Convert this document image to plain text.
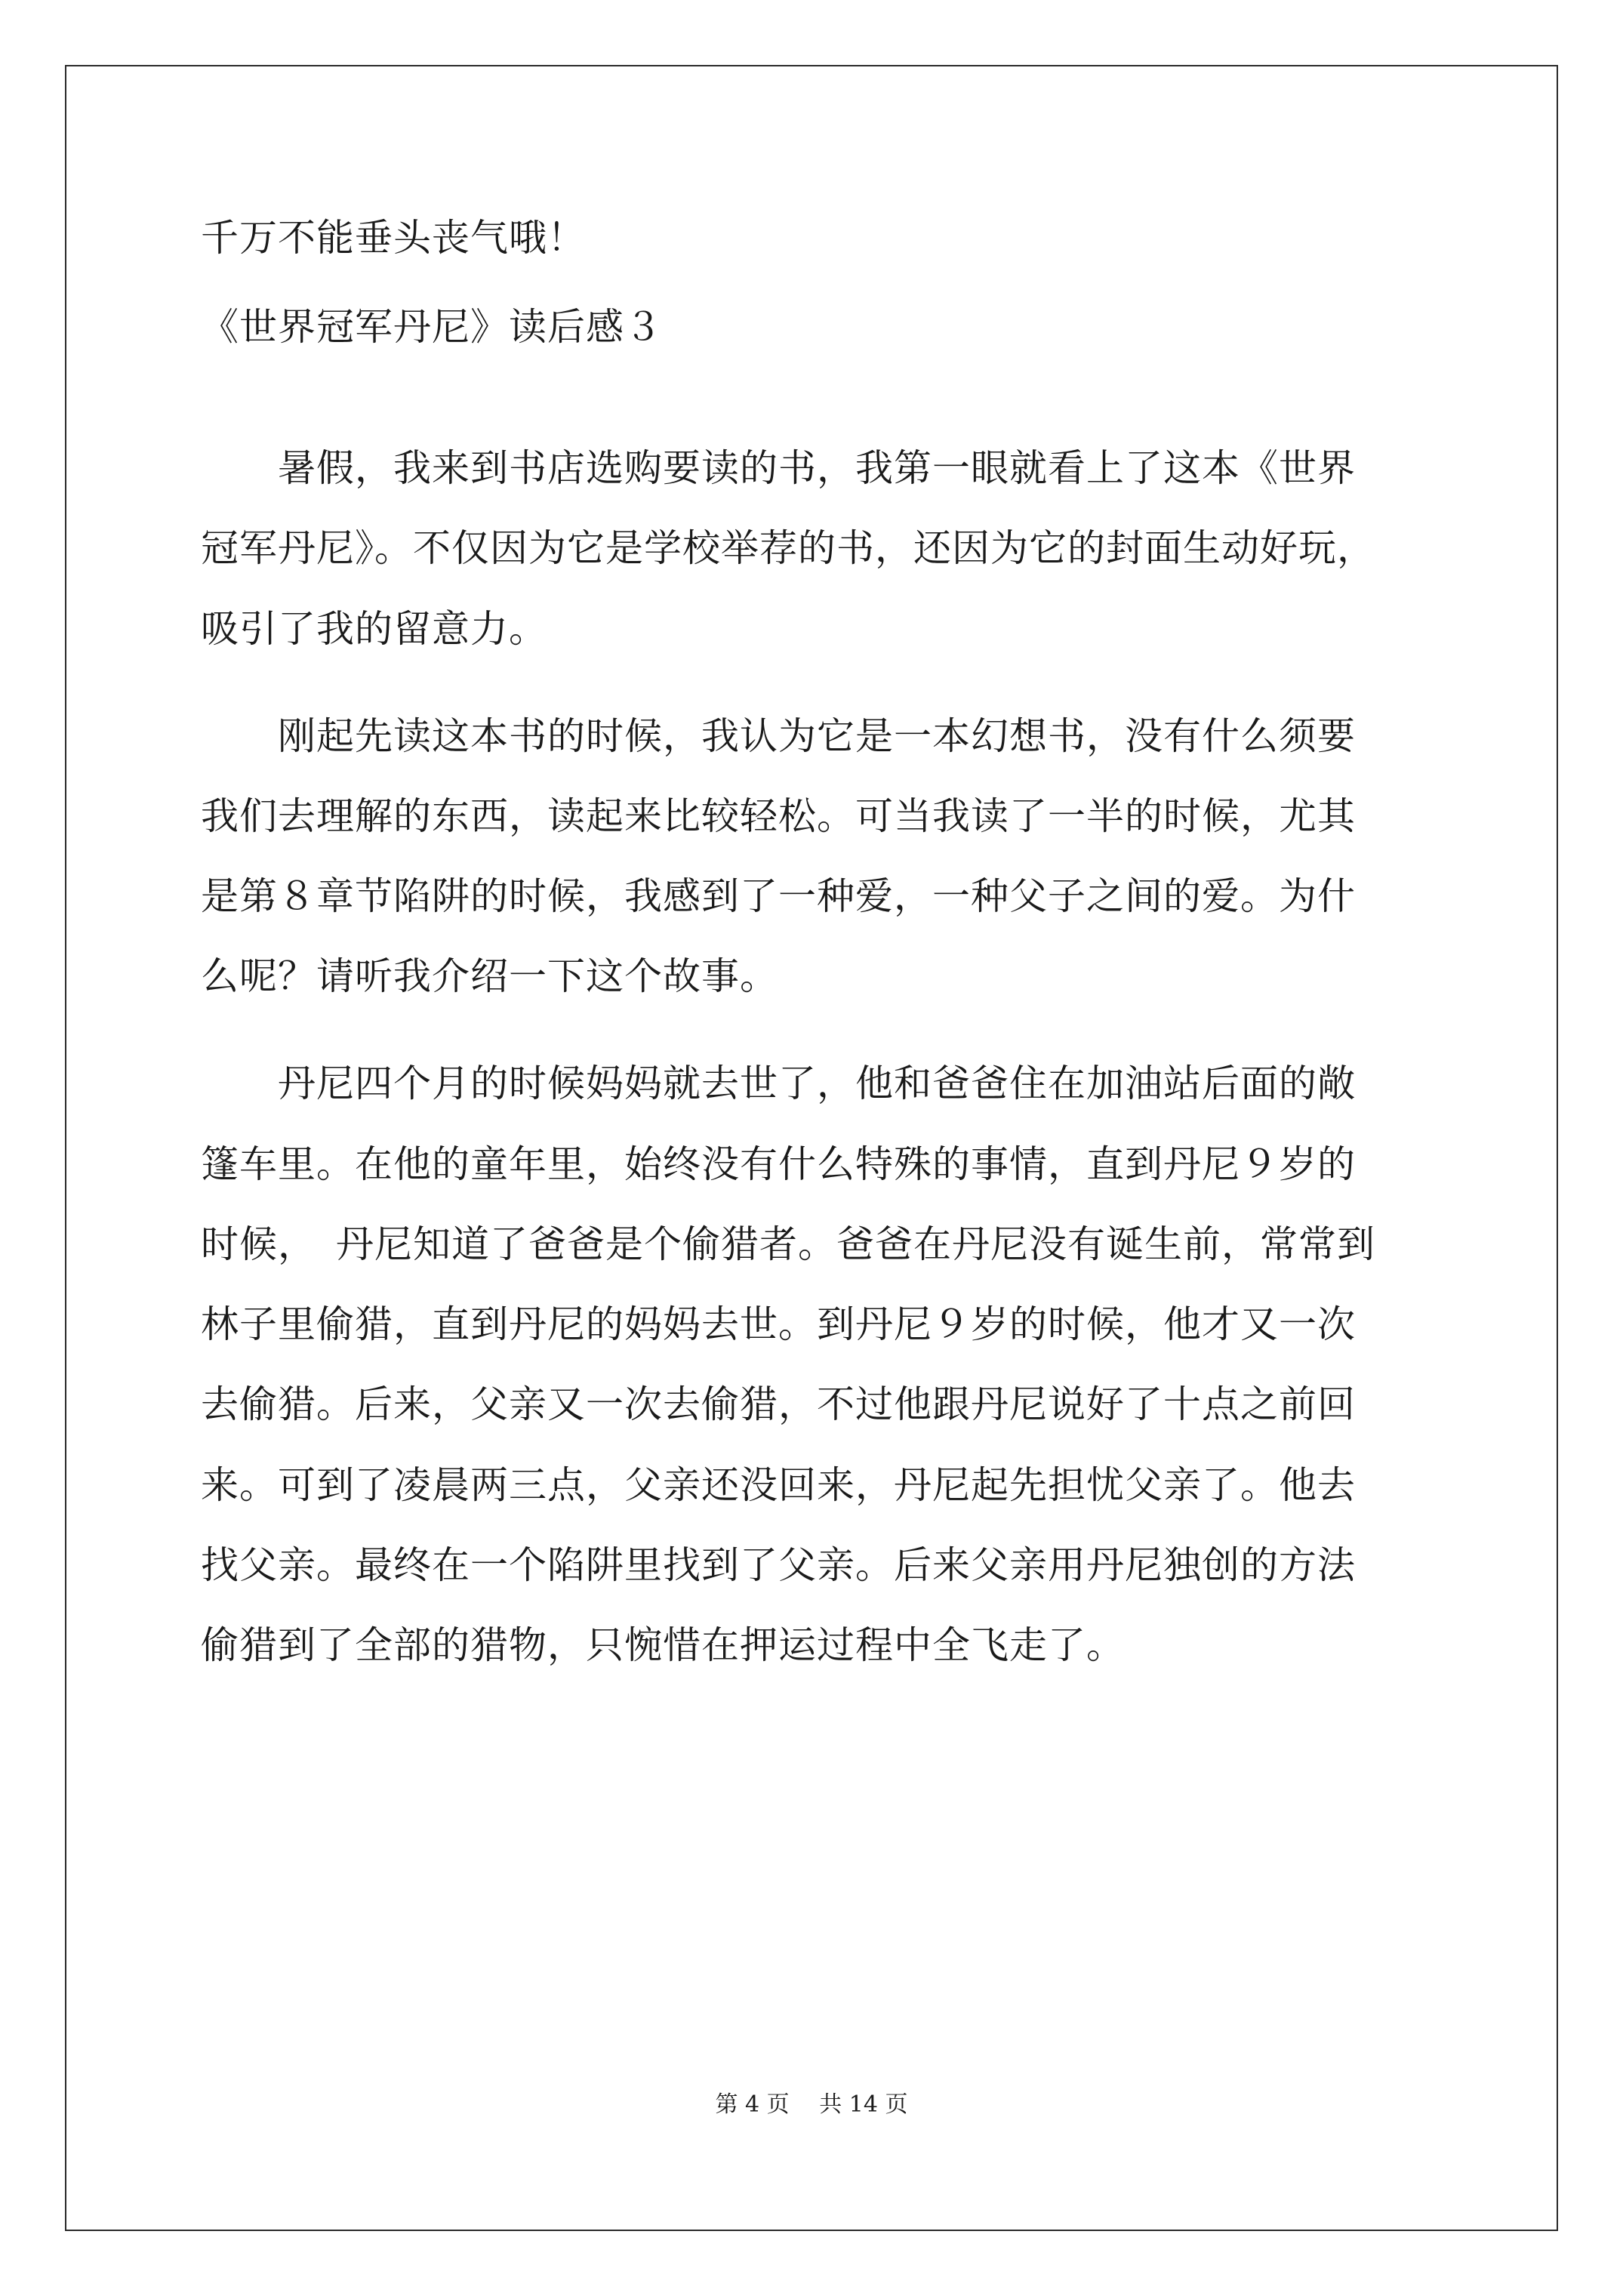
千万不能垂头丧气哦！
《世界冠军丹尼》读后感３
　　暑假，我来到书店选购要读的书，我第一眼就看上了这本《世界
冠军丹尼》。不仅因为它是学校举荐的书，还因为它的封面生动好玩，
吸引了我的留意力。
　　刚起先读这本书的时候，我认为它是一本幻想书，没有什么须要
我们去理解的东西，读起来比较轻松。可当我读了一半的时候，尤其
是第８章节陷阱的时候，我感到了一种爱，一种父子之间的爱。为什
么呢？请听我介绍一下这个故事。
　　丹尼四个月的时候妈妈就去世了，他和爸爸住在加油站后面的敞
篷车里。在他的童年里，始终没有什么特殊的事情，直到丹尼９岁的
时候，　丹尼知道了爸爸是个偷猎者。爸爸在丹尼没有诞生前，常常到
林子里偷猎，直到丹尼的妈妈去世。到丹尼９岁的时候，他才又一次
去偷猎。后来，父亲又一次去偷猎，不过他跟丹尼说好了十点之前回
来。可到了凌晨两三点，父亲还没回来，丹尼起先担忧父亲了。他去
找父亲。最终在一个陷阱里找到了父亲。后来父亲用丹尼独创的方法
偷猎到了全部的猎物，只惋惜在押运过程中全飞走了。
第 4 页　 共 14 页
